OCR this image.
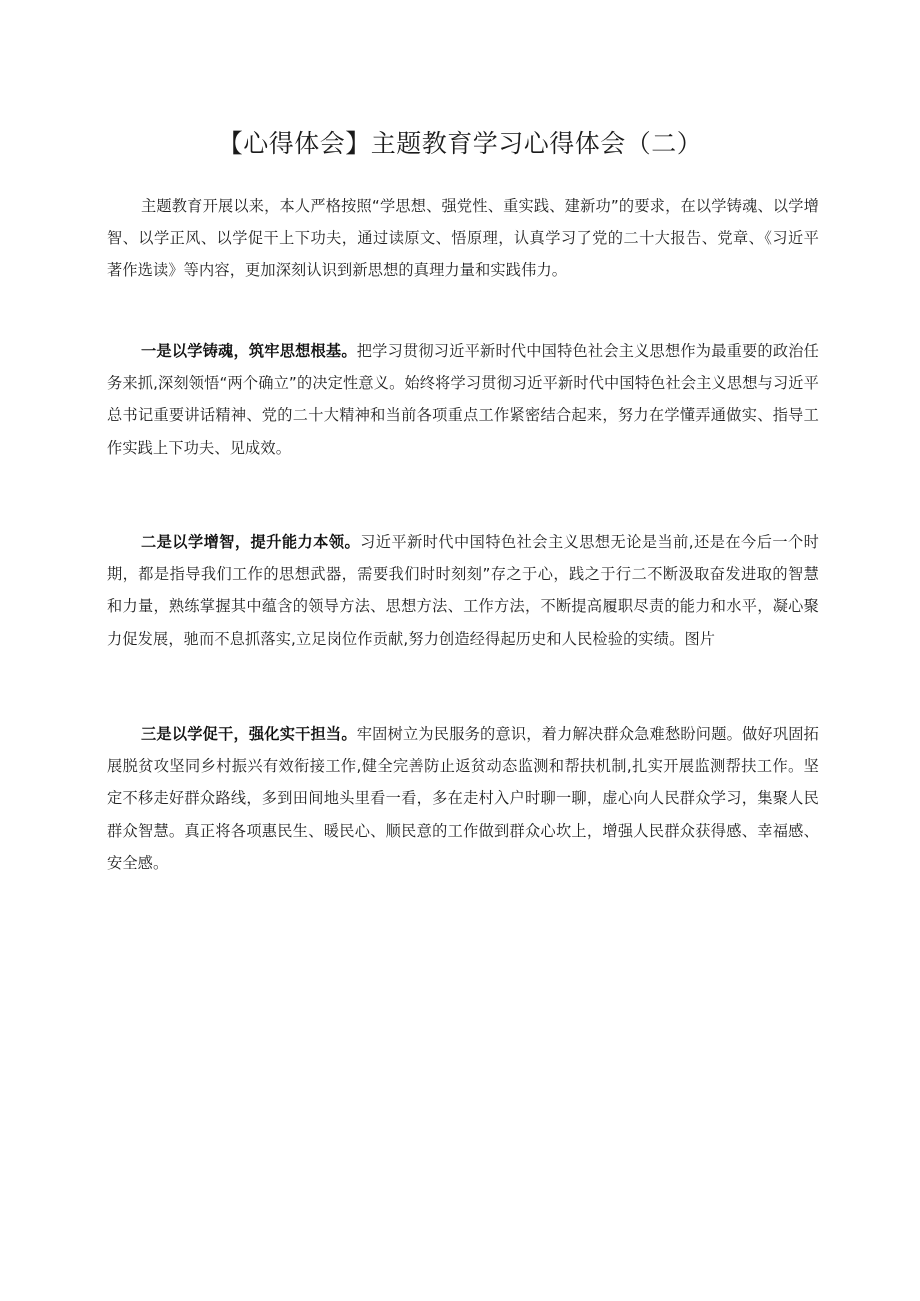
【心得体会】主题教育学习心得体会（二）

主题教育开展以来，本人严格按照“学思想、强党性、重实践、建新功”的要求，在以学铸魂、以学增智、以学正风、以学促干上下功夫，通过读原文、悟原理，认真学习了党的二十大报告、党章、《习近平著作选读》等内容，更加深刻认识到新思想的真理力量和实践伟力。

一是以学铸魂，筑牢思想根基。把学习贯彻习近平新时代中国特色社会主义思想作为最重要的政治任务来抓,深刻领悟“两个确立”的决定性意义。始终将学习贯彻习近平新时代中国特色社会主义思想与习近平总书记重要讲话精神、党的二十大精神和当前各项重点工作紧密结合起来，努力在学懂弄通做实、指导工作实践上下功夫、见成效。

二是以学增智，提升能力本领。习近平新时代中国特色社会主义思想无论是当前,还是在今后一个时期，都是指导我们工作的思想武器，需要我们时时刻刻”存之于心，践之于行二不断汲取奋发进取的智慧和力量，熟练掌握其中蕴含的领导方法、思想方法、工作方法，不断提高履职尽责的能力和水平，凝心聚力促发展，驰而不息抓落实,立足岗位作贡献,努力创造经得起历史和人民检验的实绩。图片

三是以学促干，强化实干担当。牢固树立为民服务的意识，着力解决群众急难愁盼问题。做好巩固拓展脱贫攻坚同乡村振兴有效衔接工作,健全完善防止返贫动态监测和帮扶机制,扎实开展监测帮扶工作。坚定不移走好群众路线，多到田间地头里看一看，多在走村入户时聊一聊，虚心向人民群众学习，集聚人民群众智慧。真正将各项惠民生、暖民心、顺民意的工作做到群众心坎上，增强人民群众获得感、幸福感、安全感。
